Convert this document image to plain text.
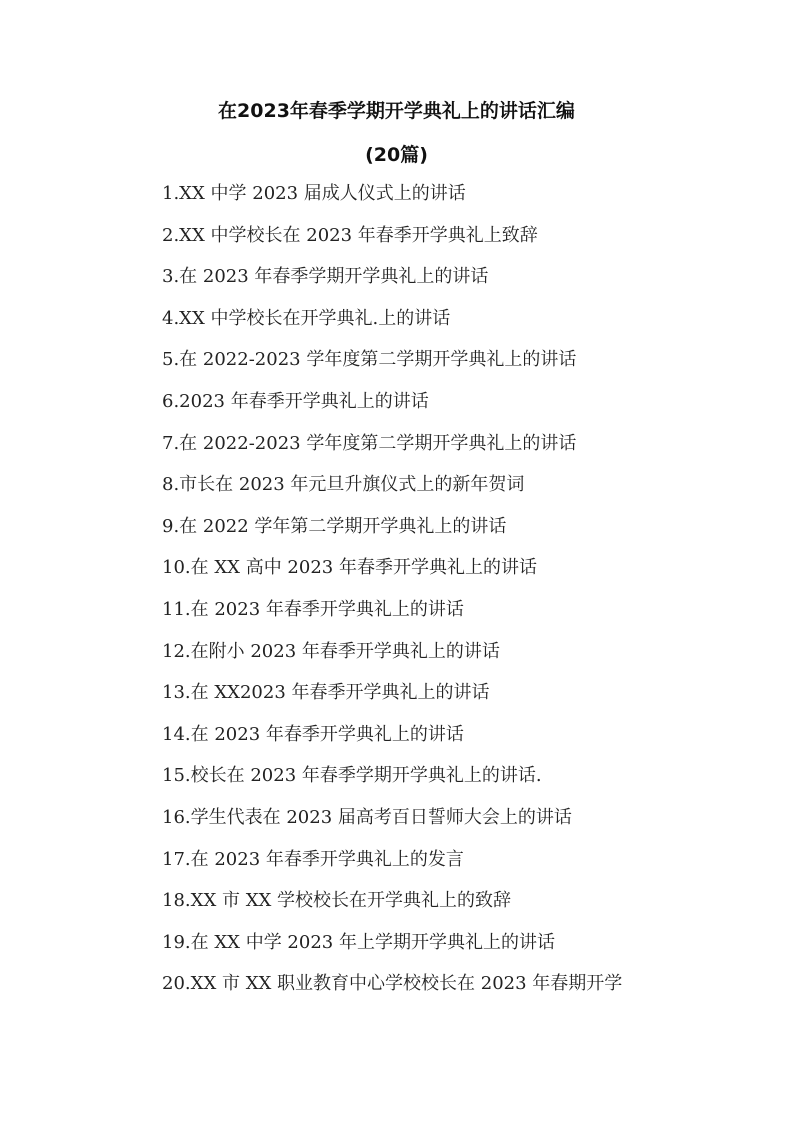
在2023年春季学期开学典礼上的讲话汇编
(20篇)
1.XX 中学 2023 届成人仪式上的讲话
2.XX 中学校长在 2023 年春季开学典礼上致辞
3.在 2023 年春季学期开学典礼上的讲话
4.XX 中学校长在开学典礼.上的讲话
5.在 2022-2023 学年度第二学期开学典礼上的讲话
6.2023 年春季开学典礼上的讲话
7.在 2022-2023 学年度第二学期开学典礼上的讲话
8.市长在 2023 年元旦升旗仪式上的新年贺词
9.在 2022 学年第二学期开学典礼上的讲话
10.在 XX 高中 2023 年春季开学典礼上的讲话
11.在 2023 年春季开学典礼上的讲话
12.在附小 2023 年春季开学典礼上的讲话
13.在 XX2023 年春季开学典礼上的讲话
14.在 2023 年春季开学典礼上的讲话
15.校长在 2023 年春季学期开学典礼上的讲话.
16.学生代表在 2023 届高考百日誓师大会上的讲话
17.在 2023 年春季开学典礼上的发言
18.XX 市 XX 学校校长在开学典礼上的致辞
19.在 XX 中学 2023 年上学期开学典礼上的讲话
20.XX 市 XX 职业教育中心学校校长在 2023 年春期开学
